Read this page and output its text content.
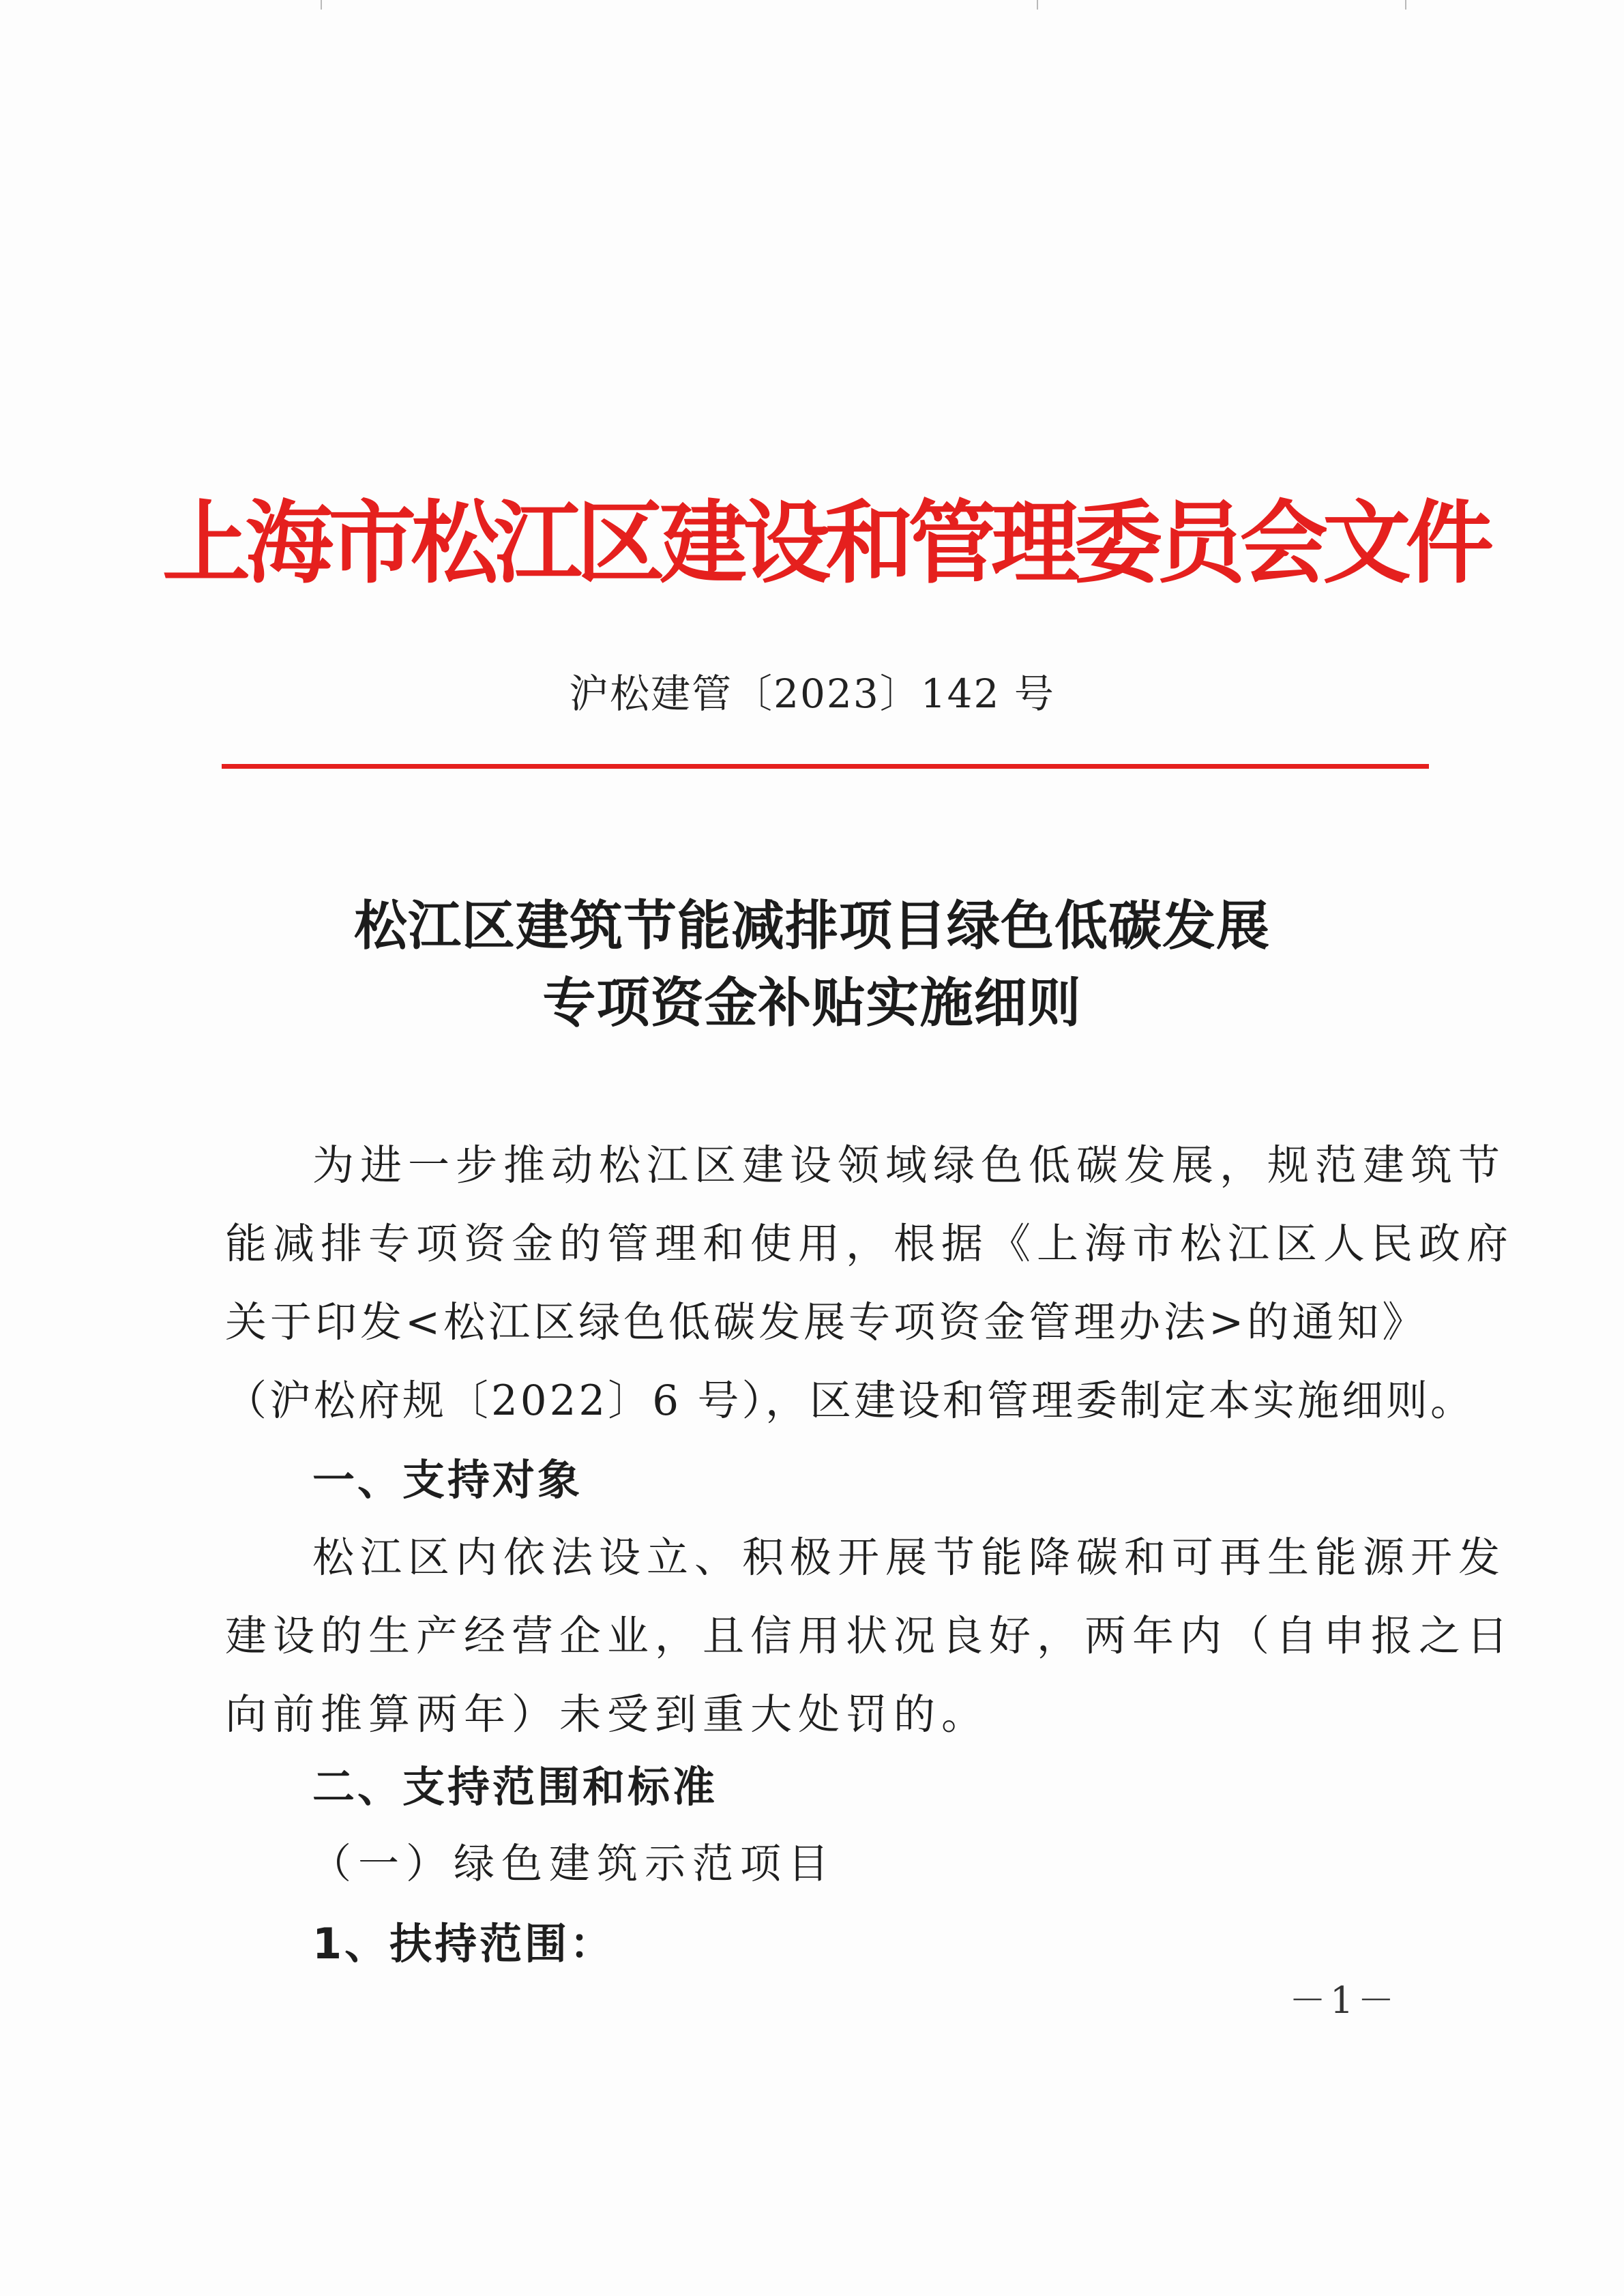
上海市松江区建设和管理委员会文件
沪松建管〔2023〕142 号
松江区建筑节能减排项目绿色低碳发展
专项资金补贴实施细则
为进一步推动松江区建设领域绿色低碳发展，规范建筑节
能减排专项资金的管理和使用，根据《上海市松江区人民政府
关于印发<松江区绿色低碳发展专项资金管理办法>的通知》
（沪松府规〔2022〕6 号），区建设和管理委制定本实施细则。
一、支持对象
松江区内依法设立、积极开展节能降碳和可再生能源开发
建设的生产经营企业，且信用状况良好，两年内（自申报之日
向前推算两年）未受到重大处罚的。
二、支持范围和标准
（一）绿色建筑示范项目
1、扶持范围：
－1－
